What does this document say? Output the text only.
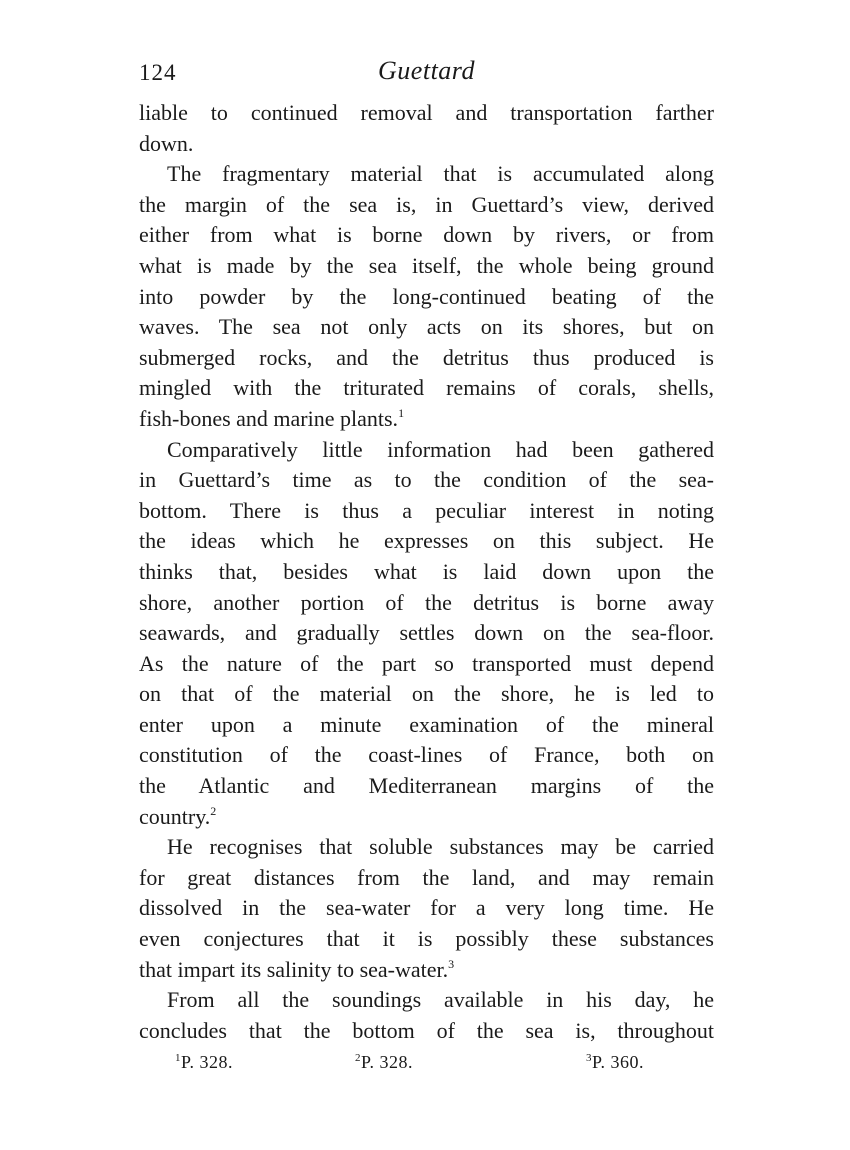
124	Guettard
liable to continued removal and transportation farther
down.
The fragmentary material that is accumulated along
the margin of the sea is, in Guettard’s view, derived
either from what is borne down by rivers, or from
what is made by the sea itself, the whole being ground
into powder by the long-continued beating of the
waves. The sea not only acts on its shores, but on
submerged rocks, and the detritus thus produced is
mingled with the triturated remains of corals, shells,
fish-bones and marine plants.$^1$
Comparatively little information had been gathered
in Guettard’s time as to the condition of the sea-
bottom. There is thus a peculiar interest in noting
the ideas which he expresses on this subject. He
thinks that, besides what is laid down upon the
shore, another portion of the detritus is borne away
seawards, and gradually settles down on the sea-floor.
As the nature of the part so transported must depend
on that of the material on the shore, he is led to
enter upon a minute examination of the mineral
constitution of the coast-lines of France, both on
the Atlantic and Mediterranean margins of the
country.$^2$
He recognises that soluble substances may be carried
for great distances from the land, and may remain
dissolved in the sea-water for a very long time. He
even conjectures that it is possibly these substances
that impart its salinity to sea-water.$^3$
From all the soundings available in his day, he
concludes that the bottom of the sea is, throughout
$^1$P. 328.	$^2$P. 328.	$^3$P. 360.
